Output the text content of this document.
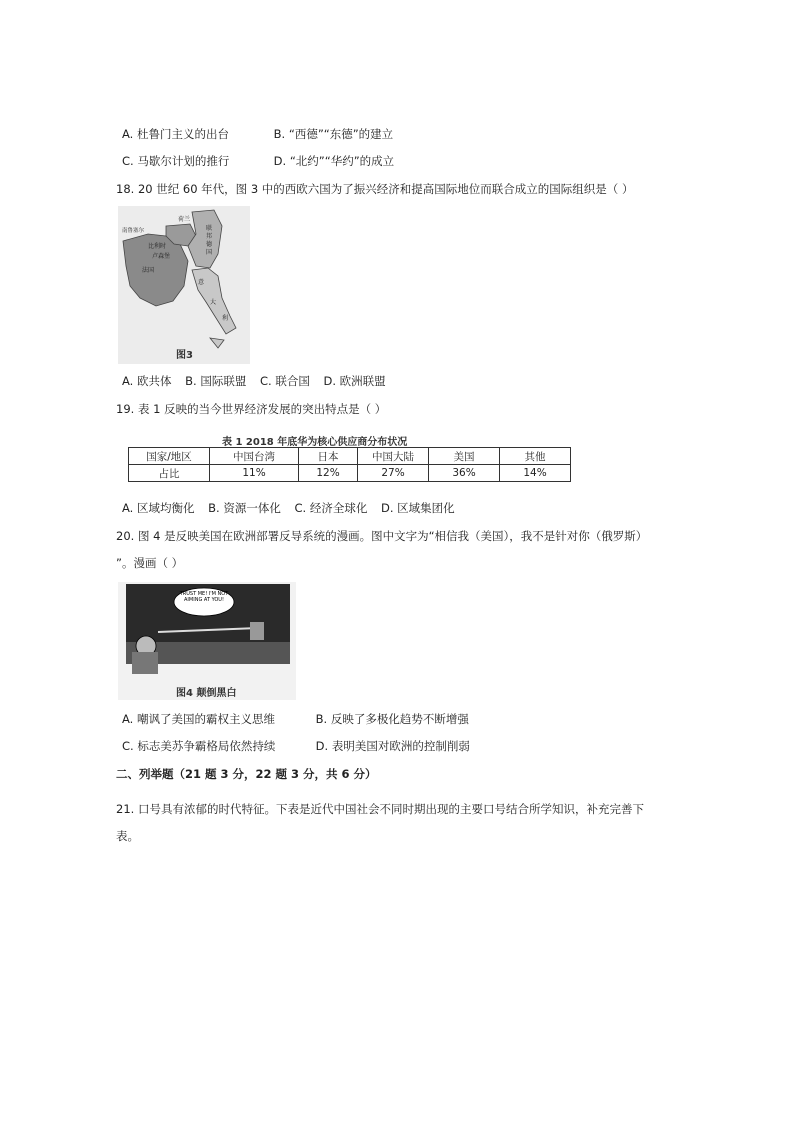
A. 杜鲁门主义的出台	B. “西德”“东德”的建立
C. 马歇尔计划的推行	D. “北约”“华约”的成立
18. 20 世纪 60 年代，图 3 中的西欧六国为了振兴经济和提高国际地位而联合成立的国际组织是（ ）
荷兰
联
邦
德
国
比利时
卢森堡
法国
意
大
利
南鲁塞尔
图3
A. 欧共体 B. 国际联盟 C. 联合国 D. 欧洲联盟
19. 表 1 反映的当今世界经济发展的突出特点是（ ）
表 1 2018 年底华为核心供应商分布状况
国家/地区	中国台湾	日本	中国大陆	美国	其他
占比	11%	12%	27%	36%	14%
A. 区域均衡化 B. 资源一体化 C. 经济全球化 D. 区域集团化
20. 图 4 是反映美国在欧洲部署反导系统的漫画。图中文字为“相信我（美国），我不是针对你（俄罗斯）
”。漫画（ ）
TRUST ME! I'M NOT AIMING AT YOU!
图4 颠倒黑白
A. 嘲讽了美国的霸权主义思维	B. 反映了多极化趋势不断增强
C. 标志美苏争霸格局依然持续	D. 表明美国对欧洲的控制削弱
二、列举题（21 题 3 分，22 题 3 分，共 6 分）
21. 口号具有浓郁的时代特征。下表是近代中国社会不同时期出现的主要口号结合所学知识，补充完善下
表。
